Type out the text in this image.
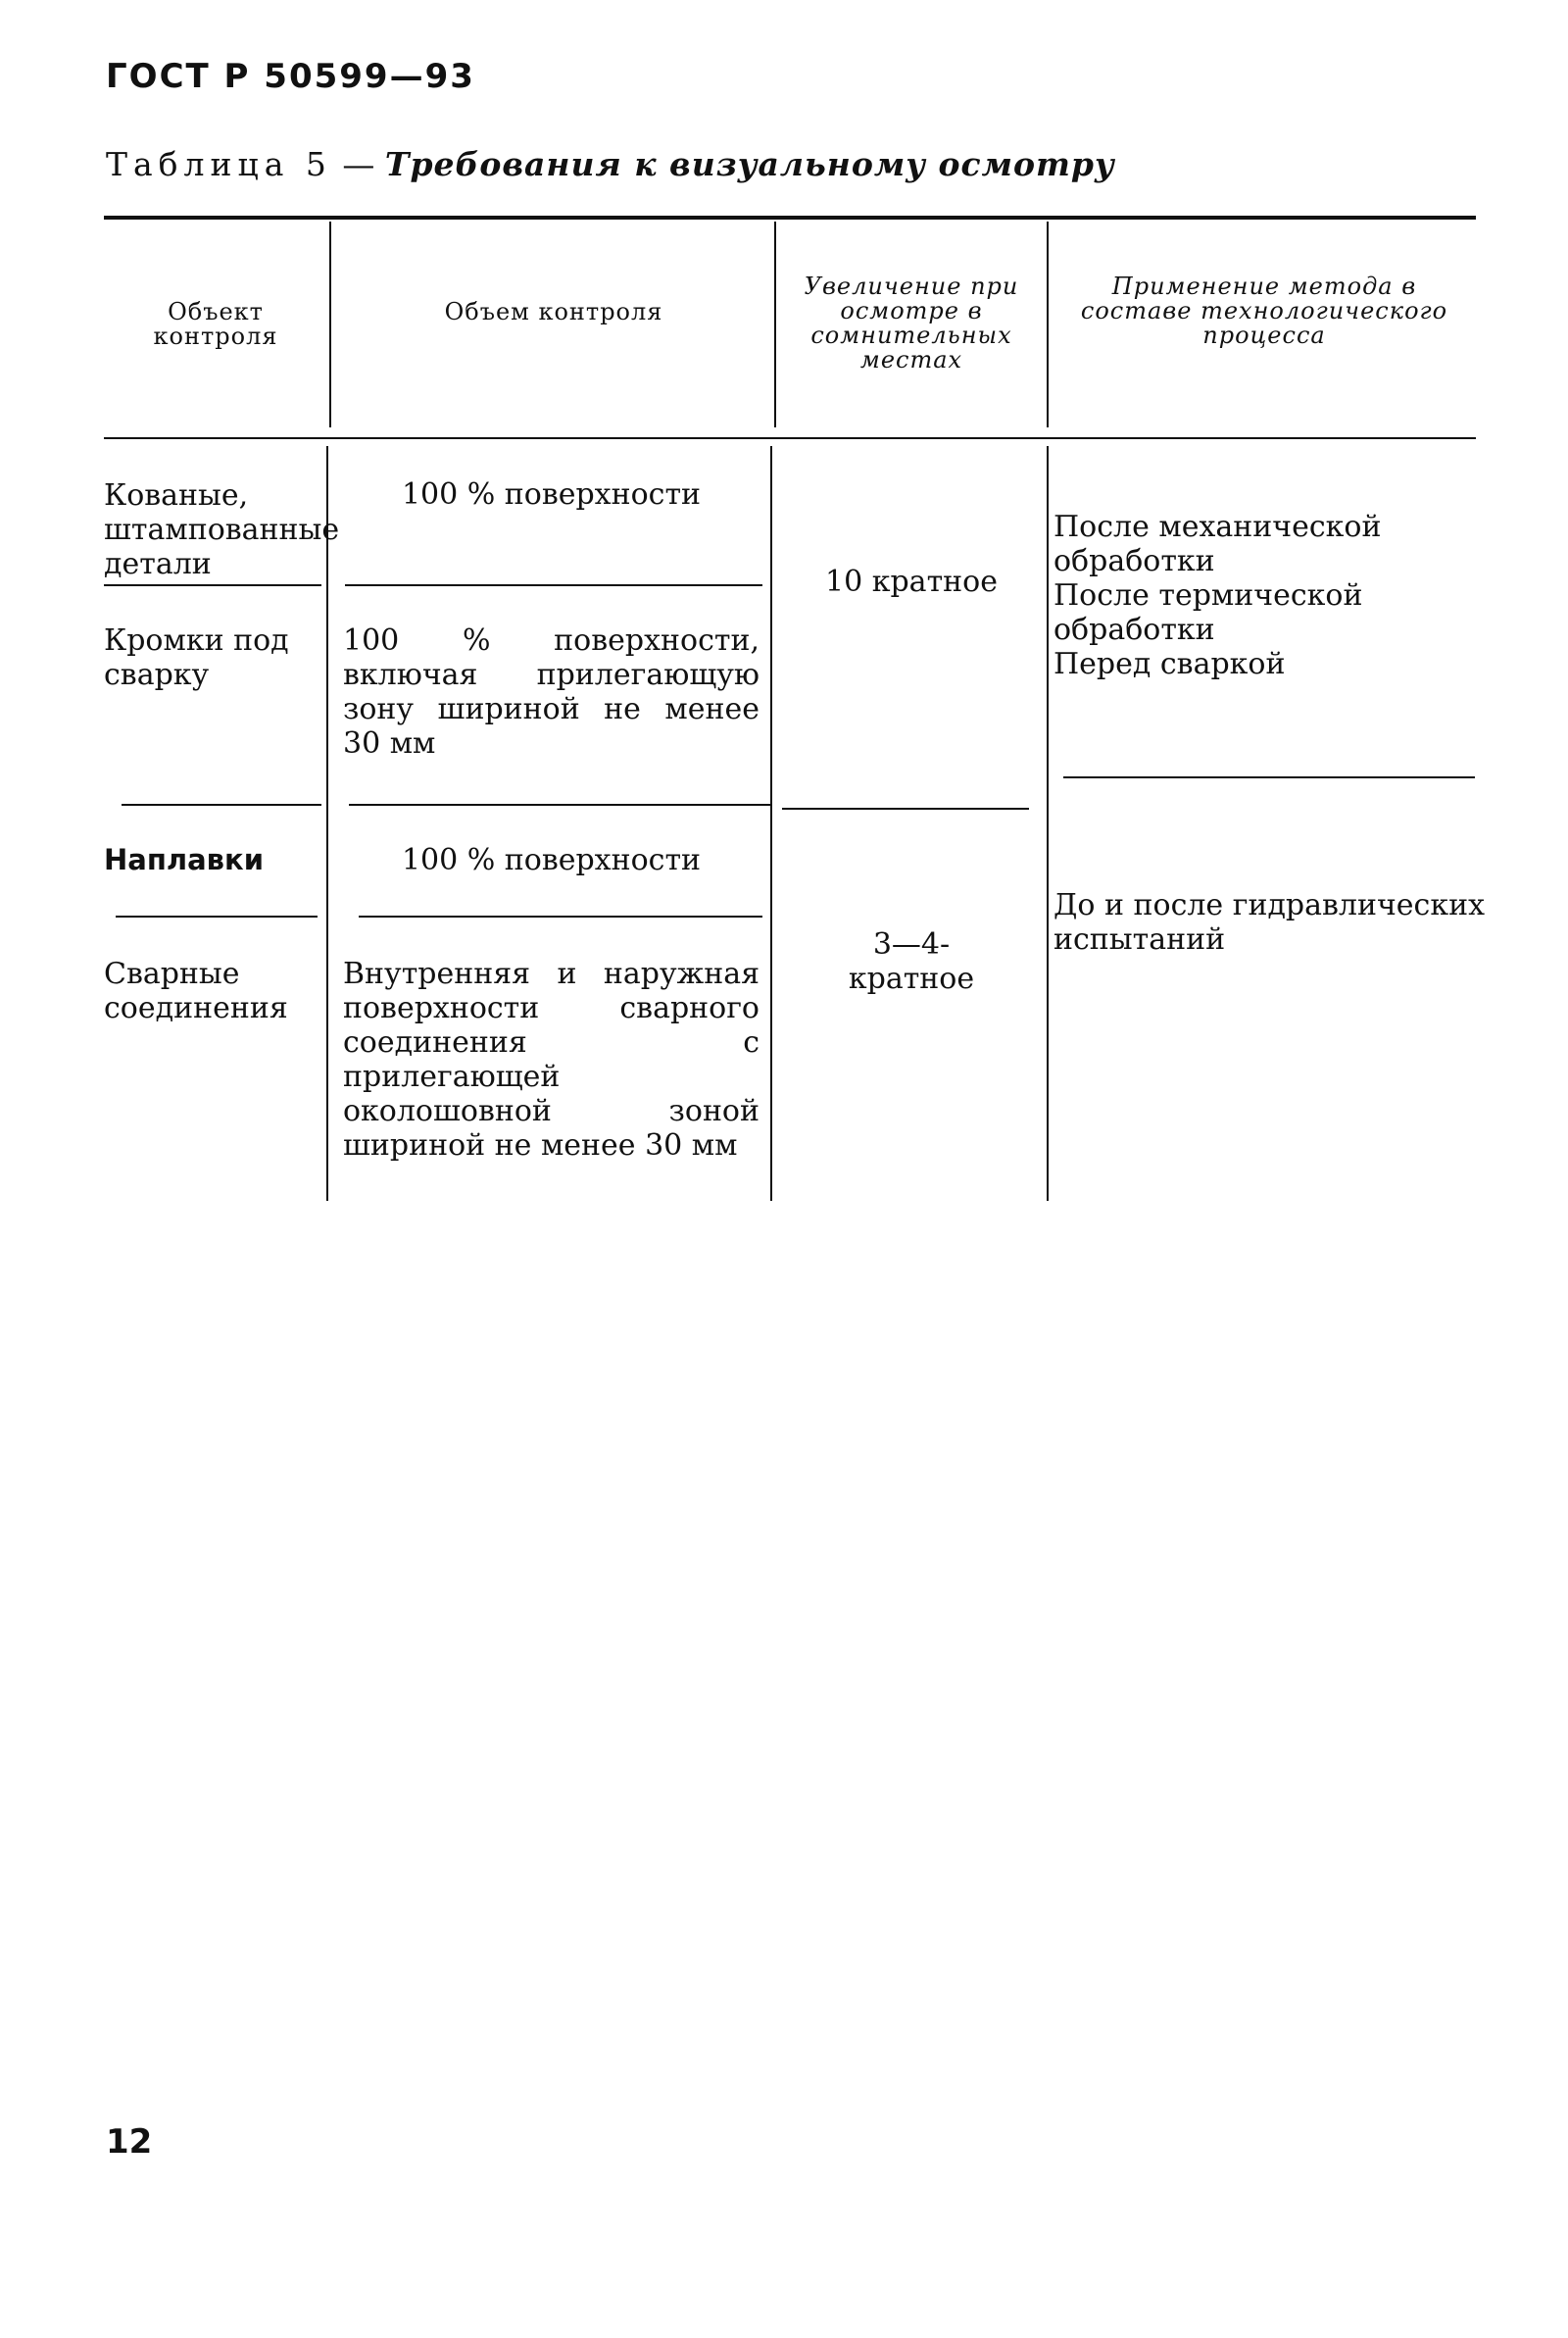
ГОСТ Р 50599—93
Таблица 5 — Требования к визуальному осмотру
Объект контроля
Объем контроля
Увеличение при осмотре в сомнительных местах
Применение метода в составе технологического процесса
Кованые, штампованные детали
Кромки под сварку
Наплавки
Сварные соединения
100 % поверхности
100 % поверхности, включая прилегающую зону шириной не менее 30 мм
100 % поверхности
Внутренняя и наружная поверхности сварного соединения с прилегающей околошовной зоной шириной не менее 30 мм
10 кратное
3—4-кратное
После механической обработки
После термической обработки
Перед сваркой
До и после гидравлических испытаний
12
